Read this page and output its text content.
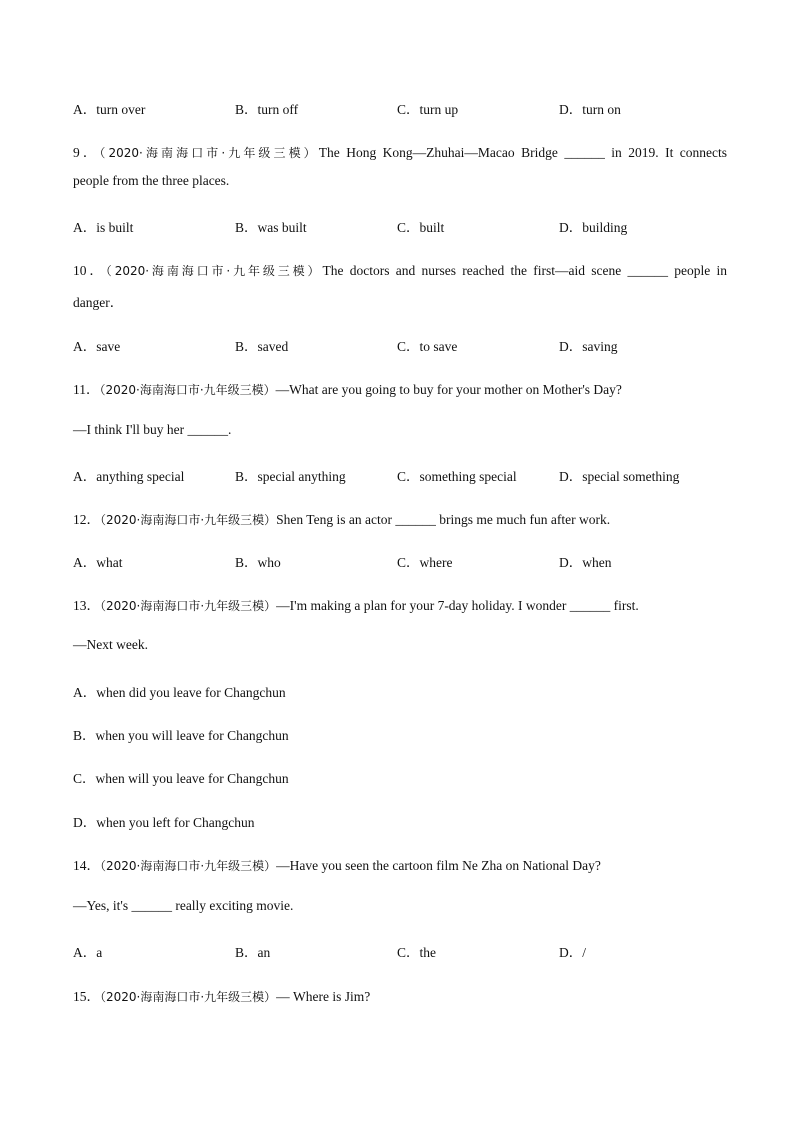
A．turn over	B．turn off	C．turn up	D．turn on
9．（2020·海南海口市·九年级三模）The Hong Kong—Zhuhai—Macao Bridge ______ in 2019. It connects
people from the three places.
A．is built	B．was built	C．built	D．building
10．（2020·海南海口市·九年级三模）The doctors and nurses reached the first—aid scene ______ people in
danger．
A．save	B．saved	C．to save	D．saving
11．（2020·海南海口市·九年级三模）—What are you going to buy for your mother on Mother's Day?
—I think I'll buy her ______.
A．anything special	B．special anything	C．something special	D．special something
12．（2020·海南海口市·九年级三模）Shen Teng is an actor ______ brings me much fun after work.
A．what	B．who	C．where	D．when
13．（2020·海南海口市·九年级三模）—I'm making a plan for your 7-day holiday. I wonder ______ first.
—Next week.
A．when did you leave for Changchun
B．when you will leave for Changchun
C．when will you leave for Changchun
D．when you left for Changchun
14．（2020·海南海口市·九年级三模）—Have you seen the cartoon film Ne Zha on National Day?
—Yes, it's ______ really exciting movie.
A．a	B．an	C．the	D．/
15．（2020·海南海口市·九年级三模）— Where is Jim?
